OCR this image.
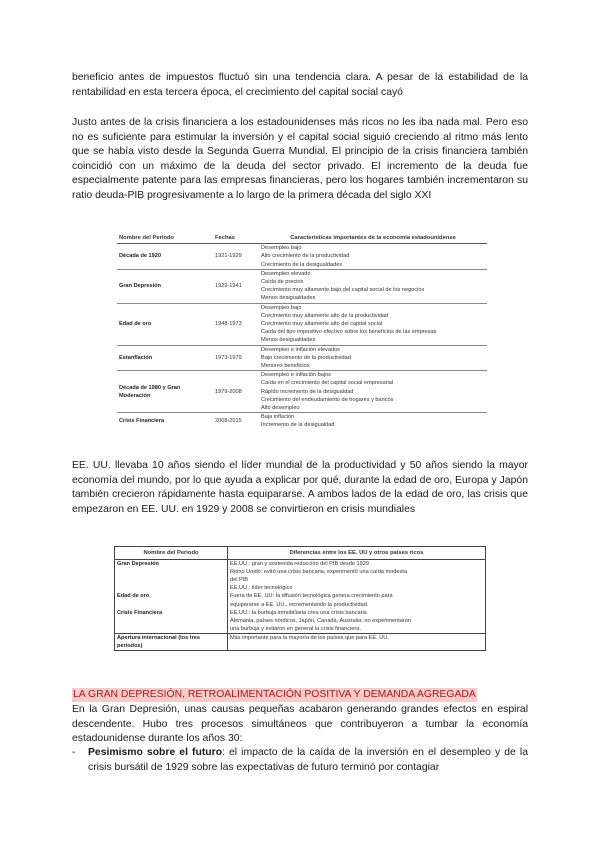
beneficio antes de impuestos fluctuó sin una tendencia clara. A pesar de la estabilidad de la rentabilidad en esta tercera época, el crecimiento del capital social cayó

Justo antes de la crisis financiera a los estadounidenses más ricos no les iba nada mal. Pero eso no es suficiente para estimular la inversión y el capital social siguió creciendo al ritmo más lento que se había visto desde la Segunda Guerra Mundial. El principio de la crisis financiera también coincidió con un máximo de la deuda del sector privado. El incremento de la deuda fue especialmente patente para las empresas financieras, pero los hogares también incrementaron su ratio deuda-PIB progresivamente a lo largo de la primera década del siglo XXI

Nombre del Periodo	Fechas	Características importantes de la economía estadounidense
Década de 1920	1921-1929	Desempleo bajo
Alto crecimiento de la productividad
Crecimiento de la desigualdades

Gran Depresión	1929-1941	Desempleo elevado
Caída de precios
Crecimiento muy altamente bajo del capital social de los negocios
Menos desigualdades

Edad de oro	1948-1973	Desempleo bajo
Crecimiento muy altamente alto de la productividad
Crecimiento muy altamente alto del capital social
Caída del tipo impositivo efectivo sobre los beneficios de las empresas
Menos desigualdades

Estanflación	1973-1979	Desempleo e inflación elevados
Bajo crecimiento de la productividad
Menores beneficios

Década de 1980 y Gran Moderación	1979-2008	Desempleo e inflación bajos
Caída en el crecimiento del capital social empresarial
Rápido incremento de la desigualdad
Crecimiento del endeudamiento de hogares y bancos
Alto desempleo

Crisis Financiera	2008-2015	Baja inflación
Incremento de la desigualdad

EE. UU. llevaba 10 años siendo el líder mundial de la productividad y 50 años siendo la mayor economía del mundo, por lo que ayuda a explicar por qué, durante la edad de oro, Europa y Japón también crecieron rápidamente hasta equipararse. A ambos lados de la edad de oro, las crisis que empezaron en EE. UU. en 1929 y 2008 se convirtieron en crisis mundiales

Nombre del Periodo	Diferencias entre los EE. UU y otros países ricos
Gran Depresión	EE.UU.: gran y sostenida reducción del PIB desde 1929
Reino Unido: evitó una crisis bancaria, experimentó una caída modesta
del PIB

Edad de oro	EE.UU.: líder tecnológico
Fuera de EE. UU: la difusión tecnológica genera crecimiento para
equipararse a EE. UU., incrementando la productividad.

Crisis Financiera	EE.UU.: la burbuja inmobiliaria crea una crisis bancaria
Alemania, países nórdicos, Japón, Canadá, Australia: no experimentaron
una burbuja y evitaron en general la crisis financiera.

Apertura internacional (los tres periodos)	Más importante para la mayoría de los países que para EE. UU.

LA GRAN DEPRESIÓN, RETROALIMENTACIÓN POSITIVA Y DEMANDA AGREGADA

En la Gran Depresión, unas causas pequeñas acabaron generando grandes efectos en espiral descendente. Hubo tres procesos simultáneos que contribuyeron a tumbar la economía estadounidense durante los años 30:

- Pesimismo sobre el futuro: el impacto de la caída de la inversión en el desempleo y de la crisis bursátil de 1929 sobre las expectativas de futuro terminó por contagiar
